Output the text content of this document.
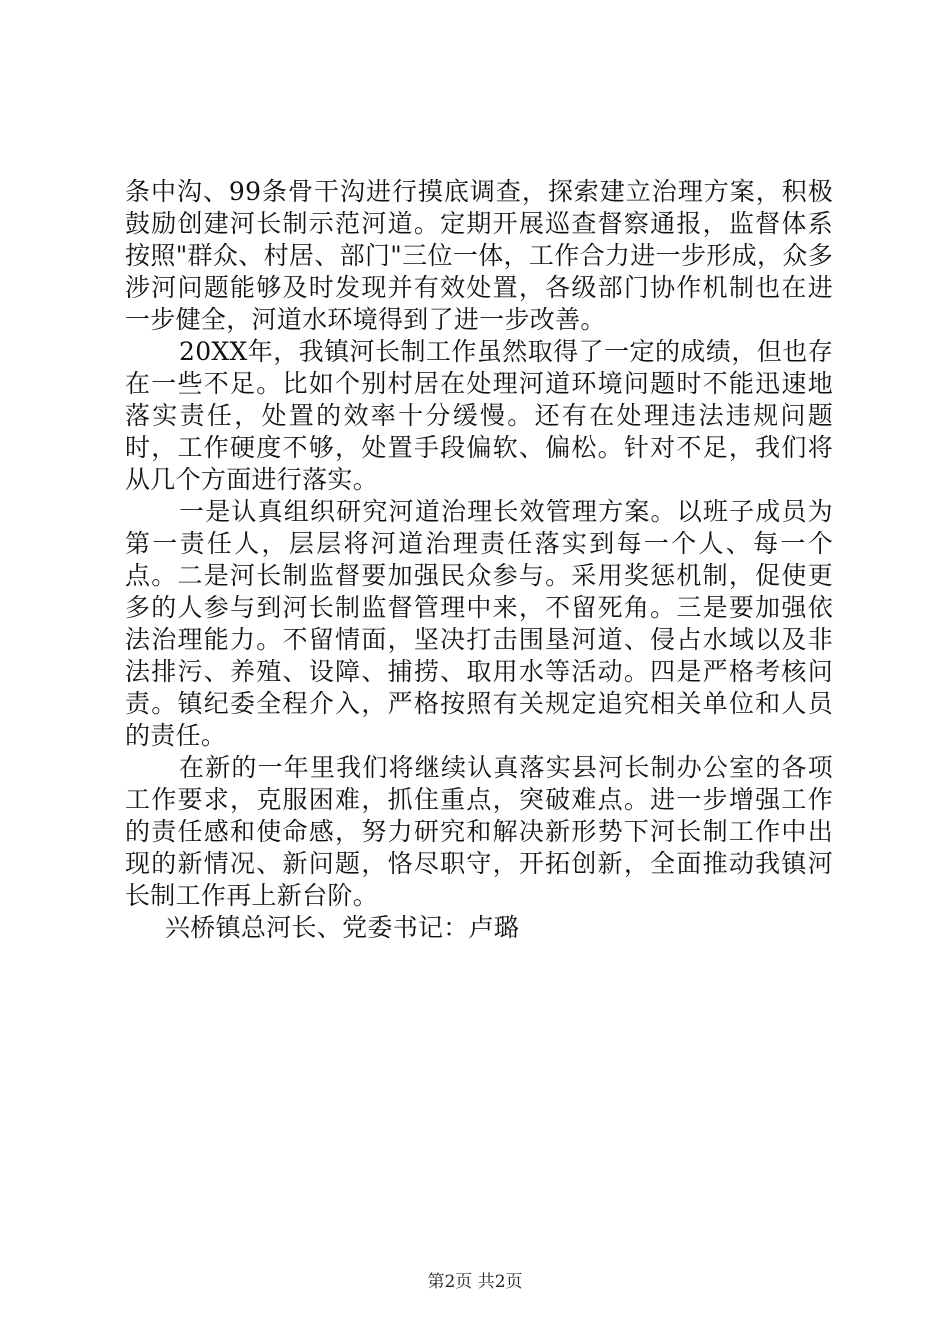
条中沟、99条骨干沟进行摸底调查，探索建立治理方案，积极鼓励创建河长制示范河道。定期开展巡查督察通报，监督体系按照"群众、村居、部门"三位一体，工作合力进一步形成，众多涉河问题能够及时发现并有效处置，各级部门协作机制也在进一步健全，河道水环境得到了进一步改善。

20XX年，我镇河长制工作虽然取得了一定的成绩，但也存在一些不足。比如个别村居在处理河道环境问题时不能迅速地落实责任，处置的效率十分缓慢。还有在处理违法违规问题时，工作硬度不够，处置手段偏软、偏松。针对不足，我们将从几个方面进行落实。

一是认真组织研究河道治理长效管理方案。以班子成员为第一责任人，层层将河道治理责任落实到每一个人、每一个点。二是河长制监督要加强民众参与。采用奖惩机制，促使更多的人参与到河长制监督管理中来，不留死角。三是要加强依法治理能力。不留情面，坚决打击围垦河道、侵占水域以及非法排污、养殖、设障、捕捞、取用水等活动。四是严格考核问责。镇纪委全程介入，严格按照有关规定追究相关单位和人员的责任。

在新的一年里我们将继续认真落实县河长制办公室的各项工作要求，克服困难，抓住重点，突破难点。进一步增强工作的责任感和使命感，努力研究和解决新形势下河长制工作中出现的新情况、新问题，恪尽职守，开拓创新，全面推动我镇河长制工作再上新台阶。

兴桥镇总河长、党委书记：卢璐

第2页 共2页
